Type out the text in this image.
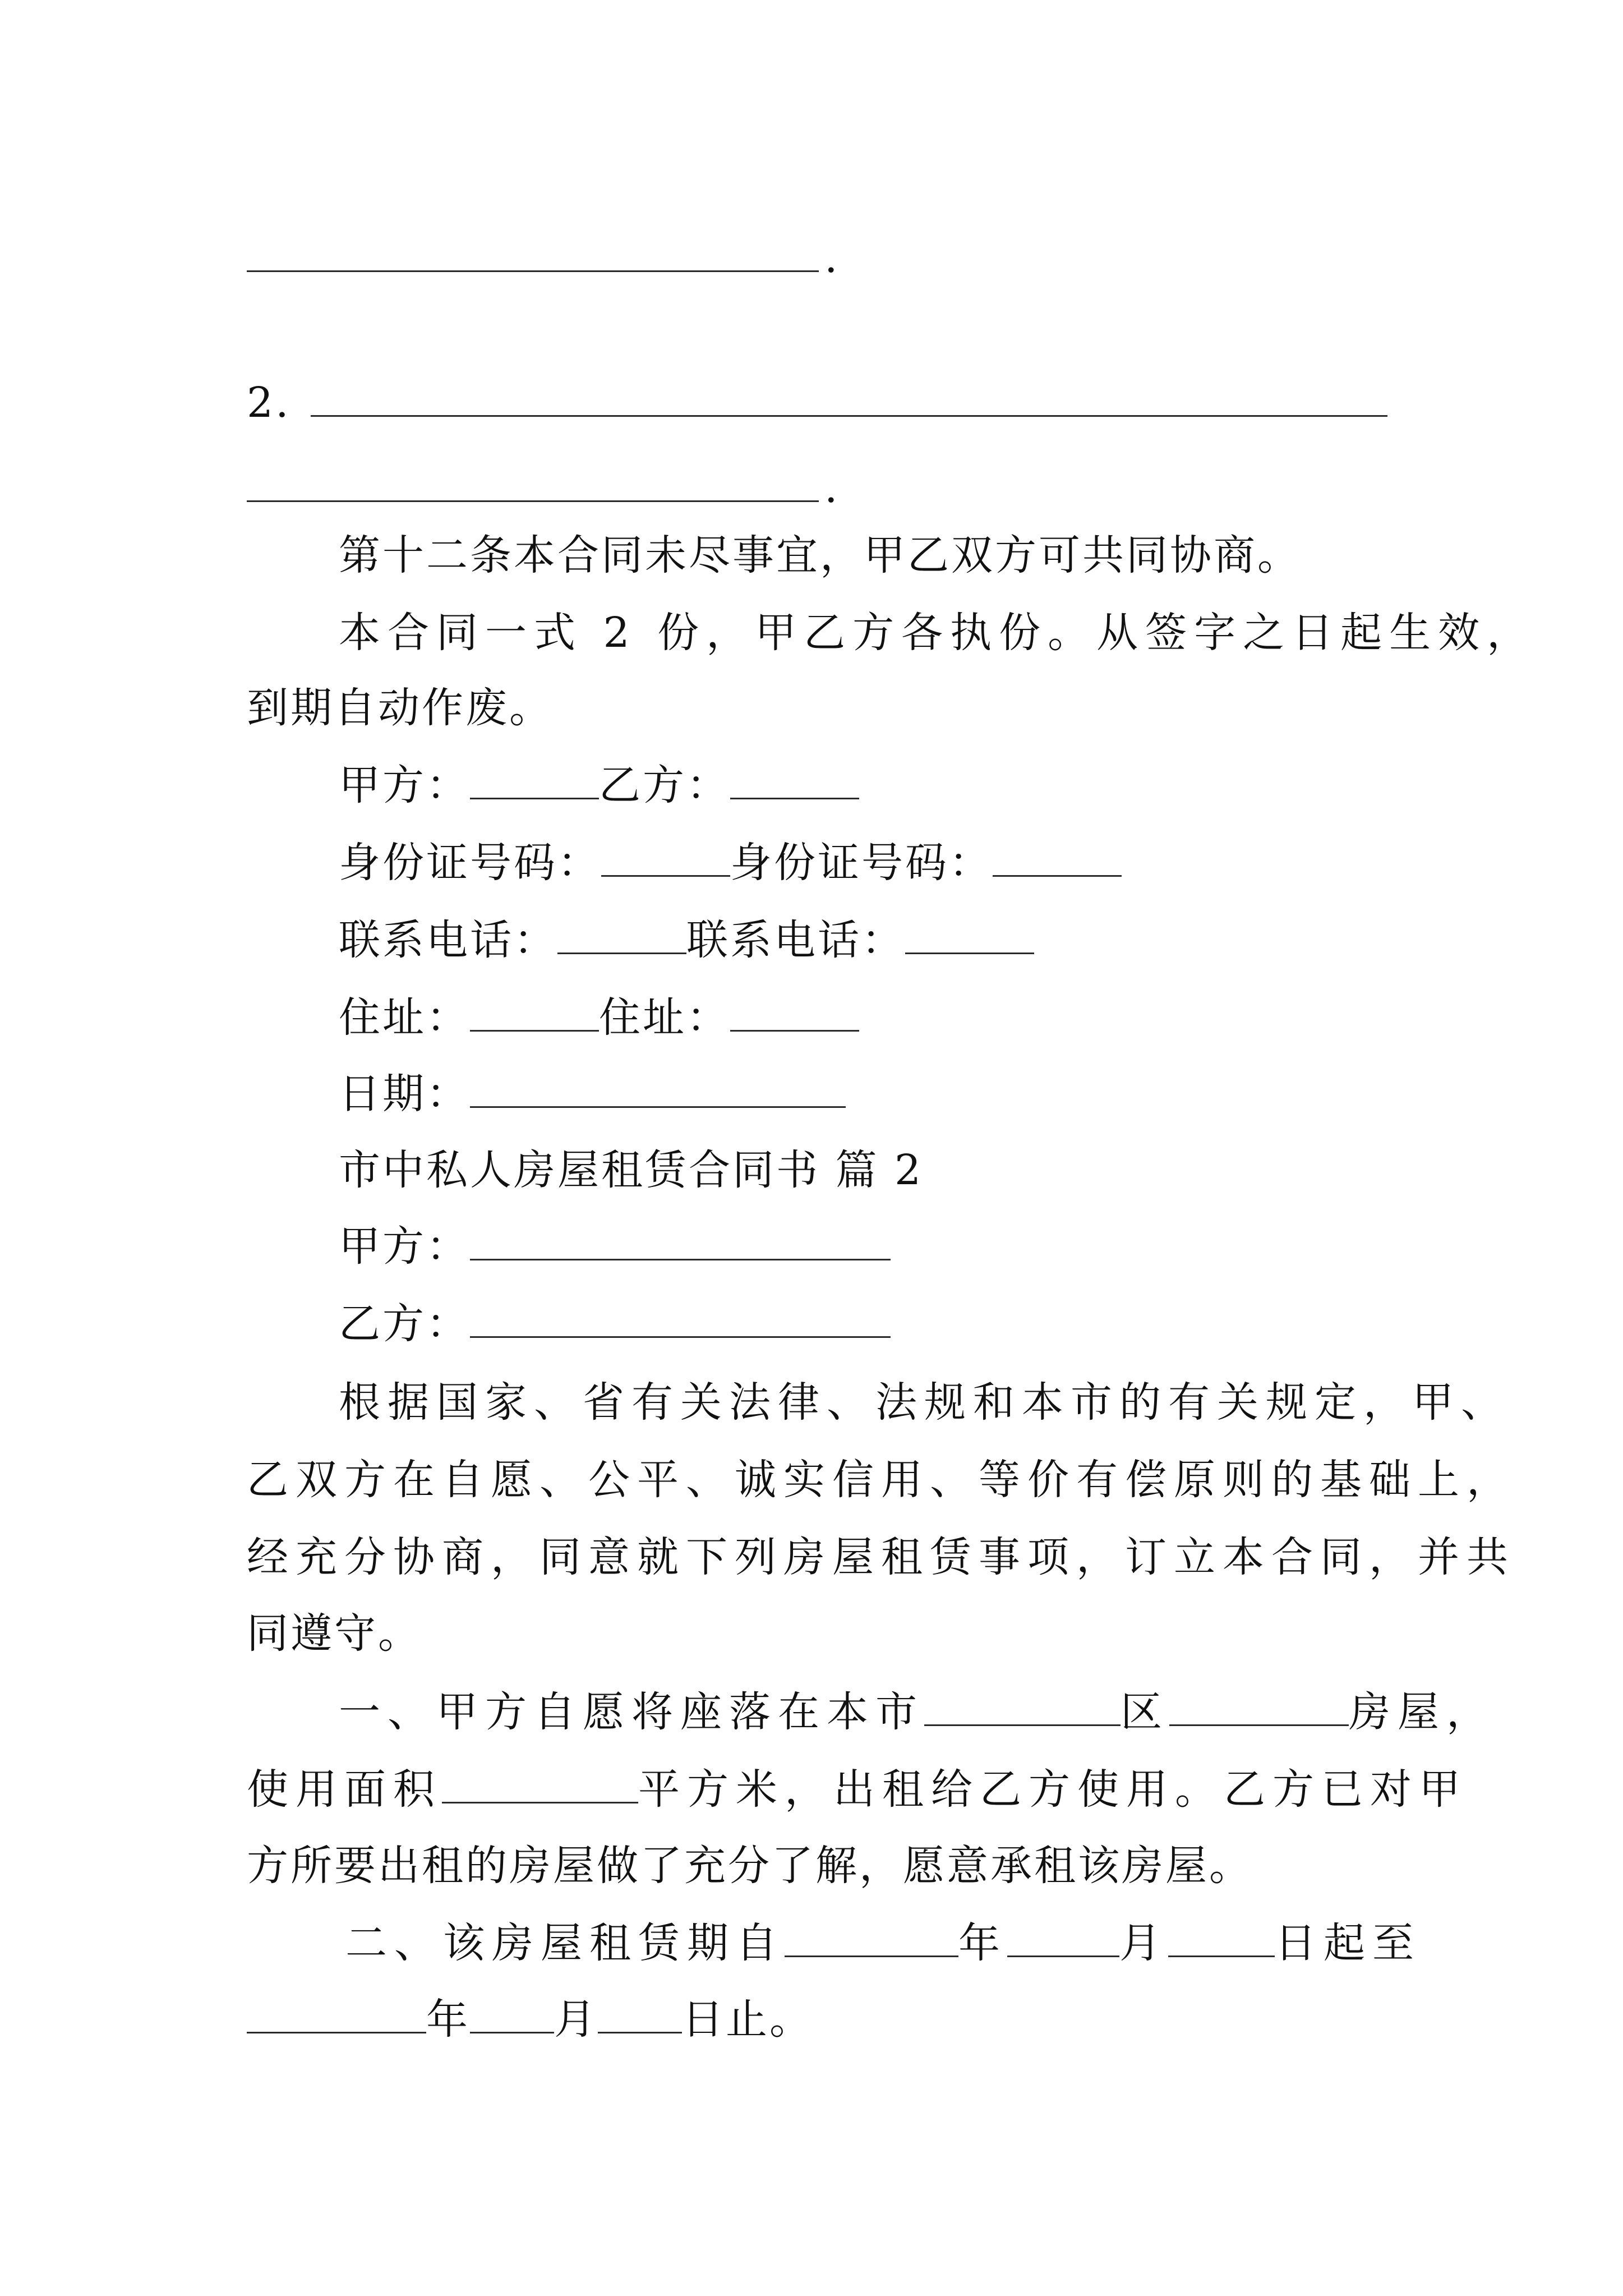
.
2.
.
第十二条本合同未尽事宜，甲乙双方可共同协商。
本合同一式 2 份，甲乙方各执份。从签字之日起生效，
到期自动作废。
甲方：	乙方：
身份证号码：	身份证号码：
联系电话：	联系电话：
住址：	住址：
日期：
市中私人房屋租赁合同书 篇 2
甲方：
乙方：
根据国家、省有关法律、法规和本市的有关规定，甲、
乙双方在自愿、公平、诚实信用、等价有偿原则的基础上，
经充分协商，同意就下列房屋租赁事项，订立本合同，并共
同遵守。
一、甲方自愿将座落在本市	区	房屋，
使用面积	平方米，出租给乙方使用。乙方已对甲
方所要出租的房屋做了充分了解，愿意承租该房屋。
二、该房屋租赁期自	年	月	日起至
年 月 日止。
